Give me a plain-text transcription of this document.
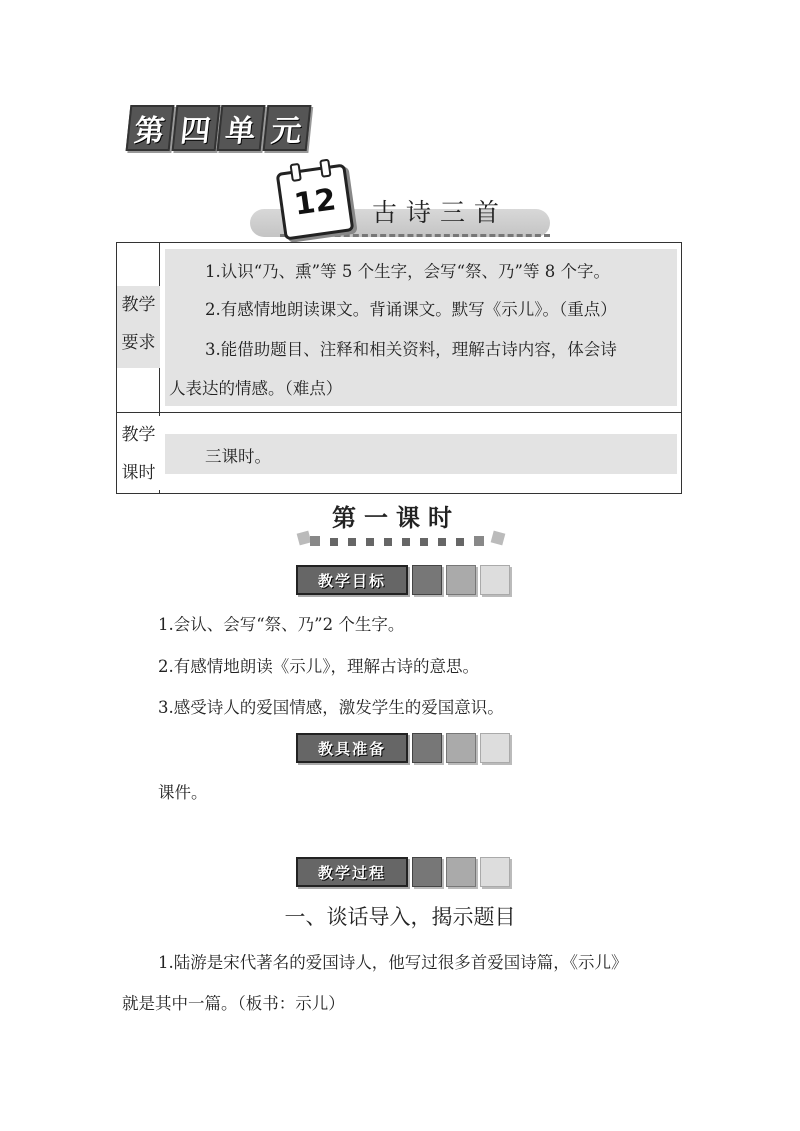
第 四 单 元
12 古诗三首
教学
要求
教学
课时
1.认识“乃、熏”等 5 个生字，会写“祭、乃”等 8 个字。
2.有感情地朗读课文。背诵课文。默写《示儿》。（重点）
3.能借助题目、注释和相关资料，理解古诗内容，体会诗
人表达的情感。（难点）
三课时。
第一课时
教学目标
1.会认、会写“祭、乃”2 个生字。
2.有感情地朗读《示儿》，理解古诗的意思。
3.感受诗人的爱国情感，激发学生的爱国意识。
教具准备
课件。
教学过程
一、谈话导入，揭示题目
1.陆游是宋代著名的爱国诗人，他写过很多首爱国诗篇，《示儿》
就是其中一篇。（板书：示儿）
